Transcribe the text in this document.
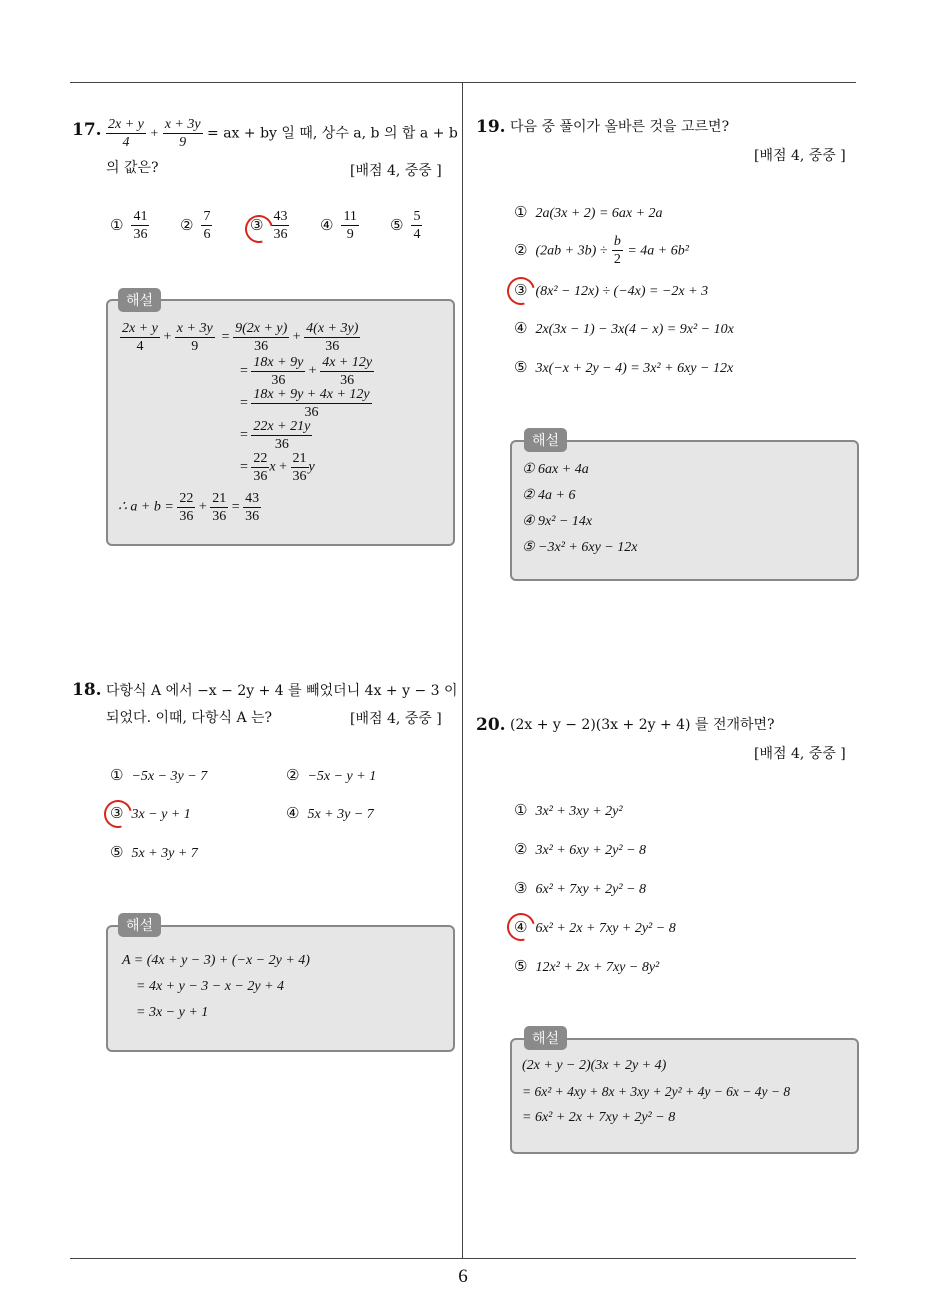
17. $\frac{2x + y}{4} + \frac{x + 3y}{9}$ = ax + by 일 때, 상수 a, b 의 합 a + b
의 값은?	[배점 4, 중중 ]
① $\frac{41}{36}$ ② $\frac{7}{6}$	③ $\frac{43}{36}$ ④ $\frac{11}{9}$ ⑤ $\frac{5}{4}$
해설
$\frac{2x + y}{4} + \frac{x + 3y}{9} = \frac{9(2x + y)}{36} + \frac{4(x + 3y)}{36}$
= $\frac{18x + 9y}{36} + \frac{4x + 12y}{36}$
= $\frac{18x + 9y + 4x + 12y}{36}$
= $\frac{22x + 21y}{36}$
= $\frac{22}{36}$ $x + \frac{21}{36}$ y
∴ $a + b = \frac{22}{36} + \frac{21}{36} = \frac{43}{36}$
18. 다항식 A 에서 −x − 2y + 4 를 빼었더니 4x + y − 3 이
되었다. 이때, 다항식 A 는?	[배점 4, 중중 ]
① −5x − 3y − 7	② −5x − y + 1
③ 3x − y + 1	④ 5x + 3y − 7
⑤ 5x + 3y + 7
해설
A = (4x + y − 3) + (−x − 2y + 4)
= 4x + y − 3 − x − 2y + 4
= 3x − y + 1
19. 다음 중 풀이가 올바른 것을 고르면?
[배점 4, 중중 ]
① 2a(3x + 2) = 6ax + 2a
② $(2ab + 3b) \div \frac{b}{2} = 4a + 6b^2$
③ (8x² − 12x) ÷ (−4x) = −2x + 3
④ 2x(3x − 1) − 3x(4 − x) = 9x² − 10x
⑤ 3x(−x + 2y − 4) = 3x² + 6xy − 12x
해설
① 6ax + 4a
② 4a + 6
④ 9x² − 14x
⑤ −3x² + 6xy − 12x
20. (2x + y − 2)(3x + 2y + 4) 를 전개하면?
[배점 4, 중중 ]
① 3x² + 3xy + 2y²
② 3x² + 6xy + 2y² − 8
③ 6x² + 7xy + 2y² − 8
④ 6x² + 2x + 7xy + 2y² − 8
⑤ 12x² + 2x + 7xy − 8y²
해설
(2x + y − 2)(3x + 2y + 4)
= 6x² + 4xy + 8x + 3xy + 2y² + 4y − 6x − 4y − 8
= 6x² + 2x + 7xy + 2y² − 8
6
